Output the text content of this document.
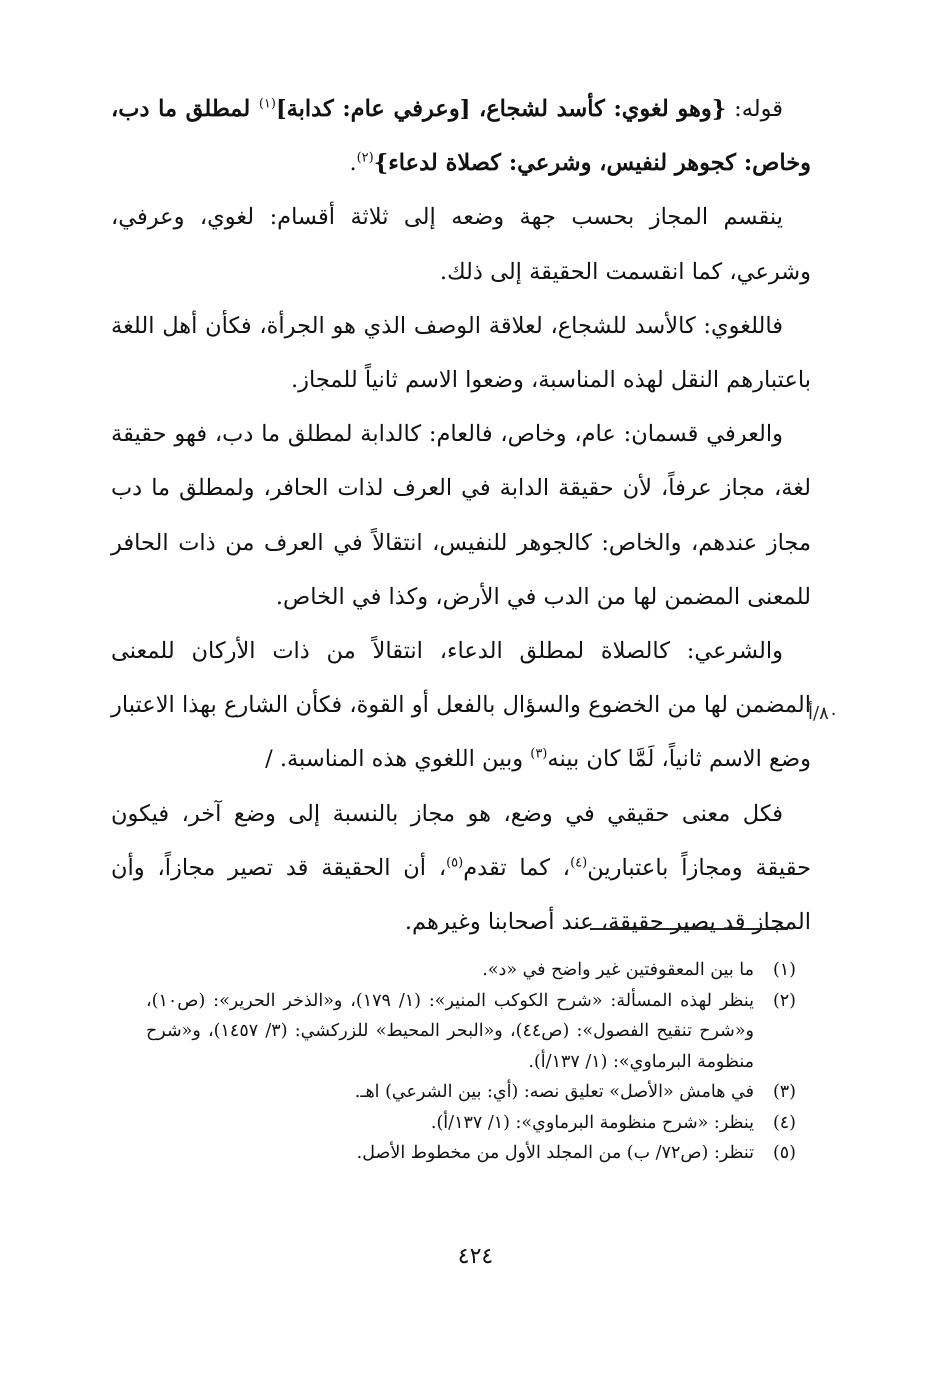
قوله: {وهو لغوي: كأسد لشجاع، [وعرفي عام: كدابة]$^{(١)}$ لمطلق ما دب، وخاص: كجوهر لنفيس، وشرعي: كصلاة لدعاء}$^{(٢)}$.

ينقسم المجاز بحسب جهة وضعه إلى ثلاثة أقسام: لغوي، وعرفي، وشرعي، كما انقسمت الحقيقة إلى ذلك.

فاللغوي: كالأسد للشجاع، لعلاقة الوصف الذي هو الجرأة، فكأن أهل اللغة باعتبارهم النقل لهذه المناسبة، وضعوا الاسم ثانياً للمجاز.

والعرفي قسمان: عام، وخاص، فالعام: كالدابة لمطلق ما دب، فهو حقيقة لغة، مجاز عرفاً، لأن حقيقة الدابة في العرف لذات الحافر، ولمطلق ما دب مجاز عندهم، والخاص: كالجوهر للنفيس، انتقالاً في العرف من ذات الحافر للمعنى المضمن لها من الدب في الأرض، وكذا في الخاص.

والشرعي: كالصلاة لمطلق الدعاء، انتقالاً من ذات الأركان للمعنى المضمن لها من الخضوع والسؤال بالفعل أو القوة، فكأن الشارع بهذا الاعتبار وضع الاسم ثانياً، لَمَّا كان بينه$^{(٣)}$ وبين اللغوي هذه المناسبة. /

فكل معنى حقيقي في وضع، هو مجاز بالنسبة إلى وضع آخر، فيكون حقيقة ومجازاً باعتبارين$^{(٤)}$، كما تقدم$^{(٥)}$، أن الحقيقة قد تصير مجازاً، وأن المجاز قد يصير حقيقة، عند أصحابنا وغيرهم.

٨٠/أ
(١)
ما بين المعقوفتين غير واضح في «د».
(٢)
ينظر لهذه المسألة: «شرح الكوكب المنير»: (١/ ١٧٩)، و«الذخر الحرير»: (ص١٠)، و«شرح تنقيح الفصول»: (ص٤٤)، و«البحر المحيط» للزركشي: (٣/ ١٤٥٧)، و«شرح منظومة البرماوي»: (١/ ١٣٧/أ).
(٣)
في هامش «الأصل» تعليق نصه: (أي: بين الشرعي) اهـ.
(٤)
ينظر: «شرح منظومة البرماوي»: (١/ ١٣٧/أ).
(٥)
تنظر: (ص٧٢/ ب) من المجلد الأول من مخطوط الأصل.
٤٢٤
